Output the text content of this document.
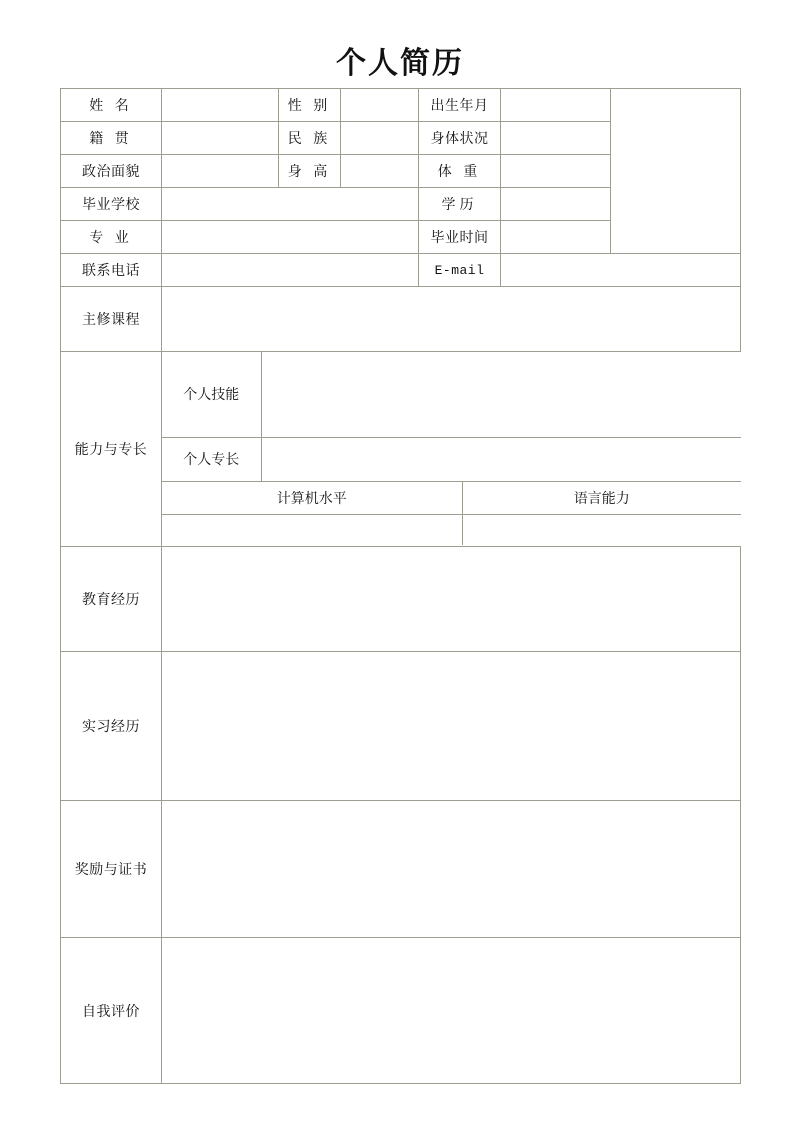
个人简历
姓 名		性 别		出生年月		
籍 贯		民 族		身体状况	
政治面貌		身 高		体 重	
毕业学校		学历	
专 业		毕业时间	
联系电话		E-mail	
主修课程	
能力与专长	
个人技能	
个人专长	
计算机水平	语言能力

教育经历	
实习经历	
奖励与证书	
自我评价	
